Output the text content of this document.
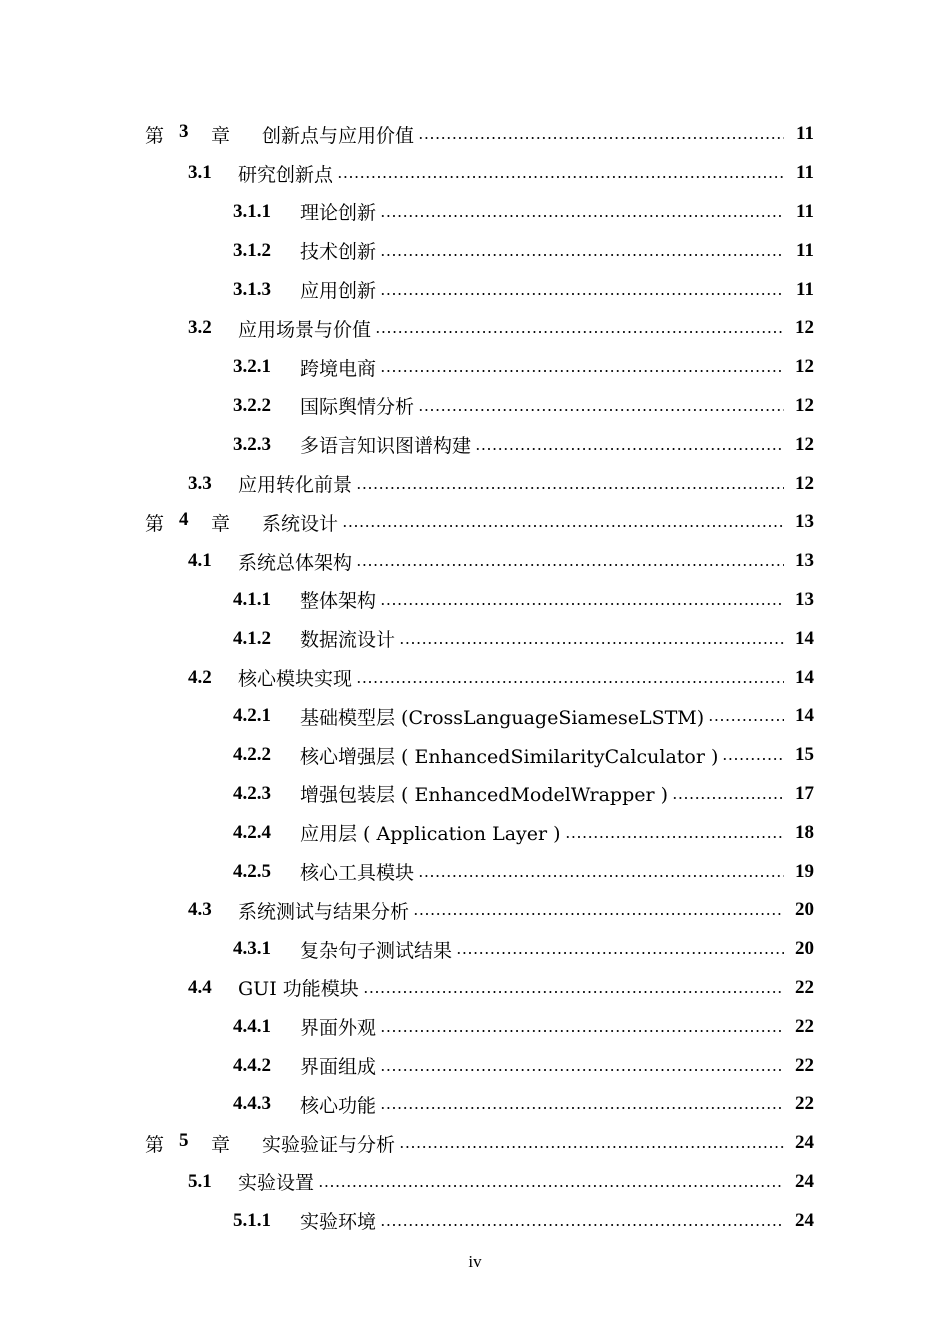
第 3	章	创新点与应用价值	11
3.1	研究创新点	11
3.1.1	理论创新	11
3.1.2	技术创新	11
3.1.3	应用创新	11
3.2	应用场景与价值	12
3.2.1	跨境电商	12
3.2.2	国际舆情分析	12
3.2.3	多语言知识图谱构建	12
3.3	应用转化前景	12
第 4	章	系统设计	13
4.1	系统总体架构	13
4.1.1	整体架构	13
4.1.2	数据流设计	14
4.2	核心模块实现	14
4.2.1	基础模型层 (CrossLanguageSiameseLSTM)	14
4.2.2	核心增强层 ( EnhancedSimilarityCalculator )	15
4.2.3	增强包装层 ( EnhancedModelWrapper )	17
4.2.4	应用层 ( Application Layer )	18
4.2.5	核心工具模块	19
4.3	系统测试与结果分析	20
4.3.1	复杂句子测试结果	20
4.4	GUI 功能模块	22
4.4.1	界面外观	22
4.4.2	界面组成	22
4.4.3	核心功能	22
第 5	章	实验验证与分析	24
5.1	实验设置	24
5.1.1	实验环境	24
iv
